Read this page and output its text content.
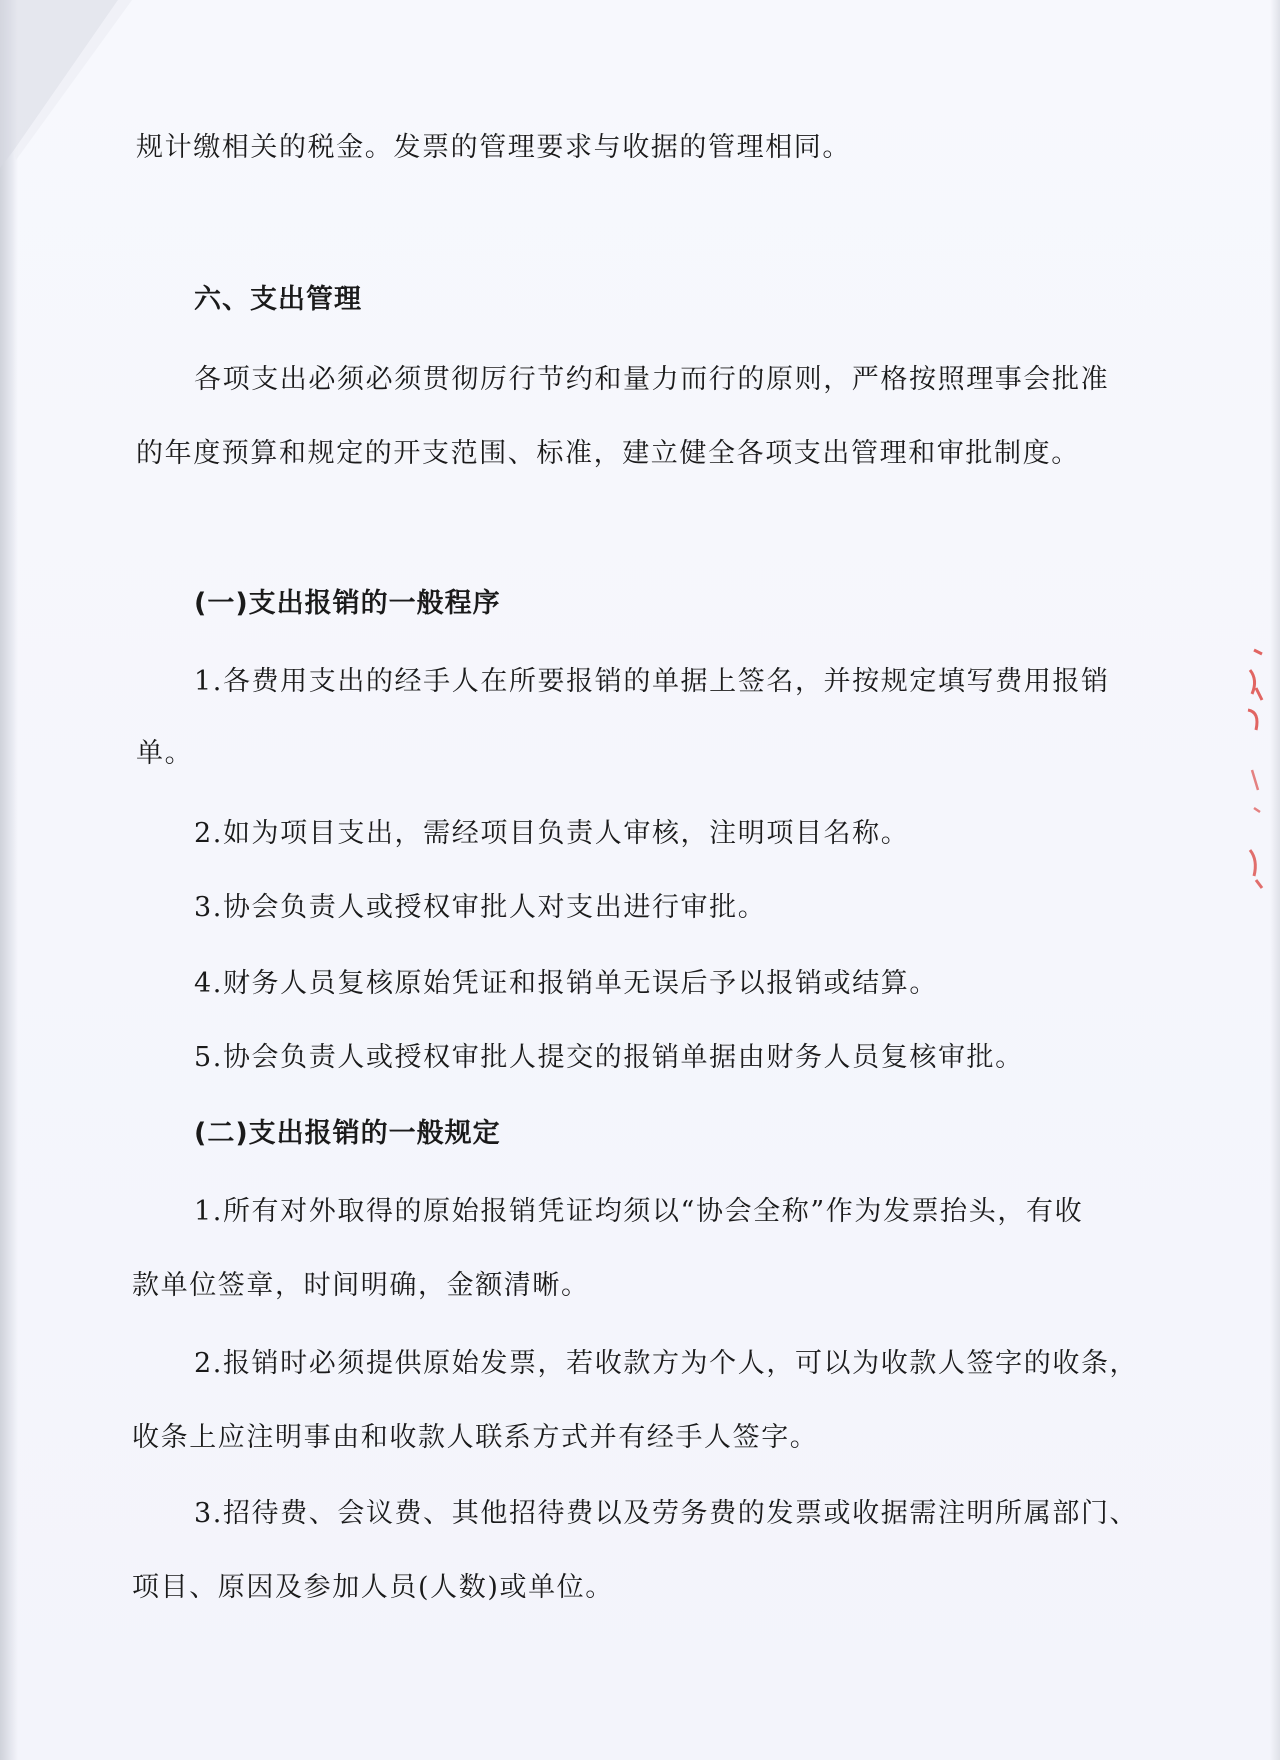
规计缴相关的税金。发票的管理要求与收据的管理相同。

六、支出管理

各项支出必须必须贯彻厉行节约和量力而行的原则，严格按照理事会批准

的年度预算和规定的开支范围、标准，建立健全各项支出管理和审批制度。

(一)支出报销的一般程序

1.各费用支出的经手人在所要报销的单据上签名，并按规定填写费用报销

单。

2.如为项目支出，需经项目负责人审核，注明项目名称。

3.协会负责人或授权审批人对支出进行审批。

4.财务人员复核原始凭证和报销单无误后予以报销或结算。

5.协会负责人或授权审批人提交的报销单据由财务人员复核审批。

(二)支出报销的一般规定

1.所有对外取得的原始报销凭证均须以“协会全称”作为发票抬头，有收

款单位签章，时间明确，金额清晰。

2.报销时必须提供原始发票，若收款方为个人，可以为收款人签字的收条，

收条上应注明事由和收款人联系方式并有经手人签字。

3.招待费、会议费、其他招待费以及劳务费的发票或收据需注明所属部门、

项目、原因及参加人员(人数)或单位。
